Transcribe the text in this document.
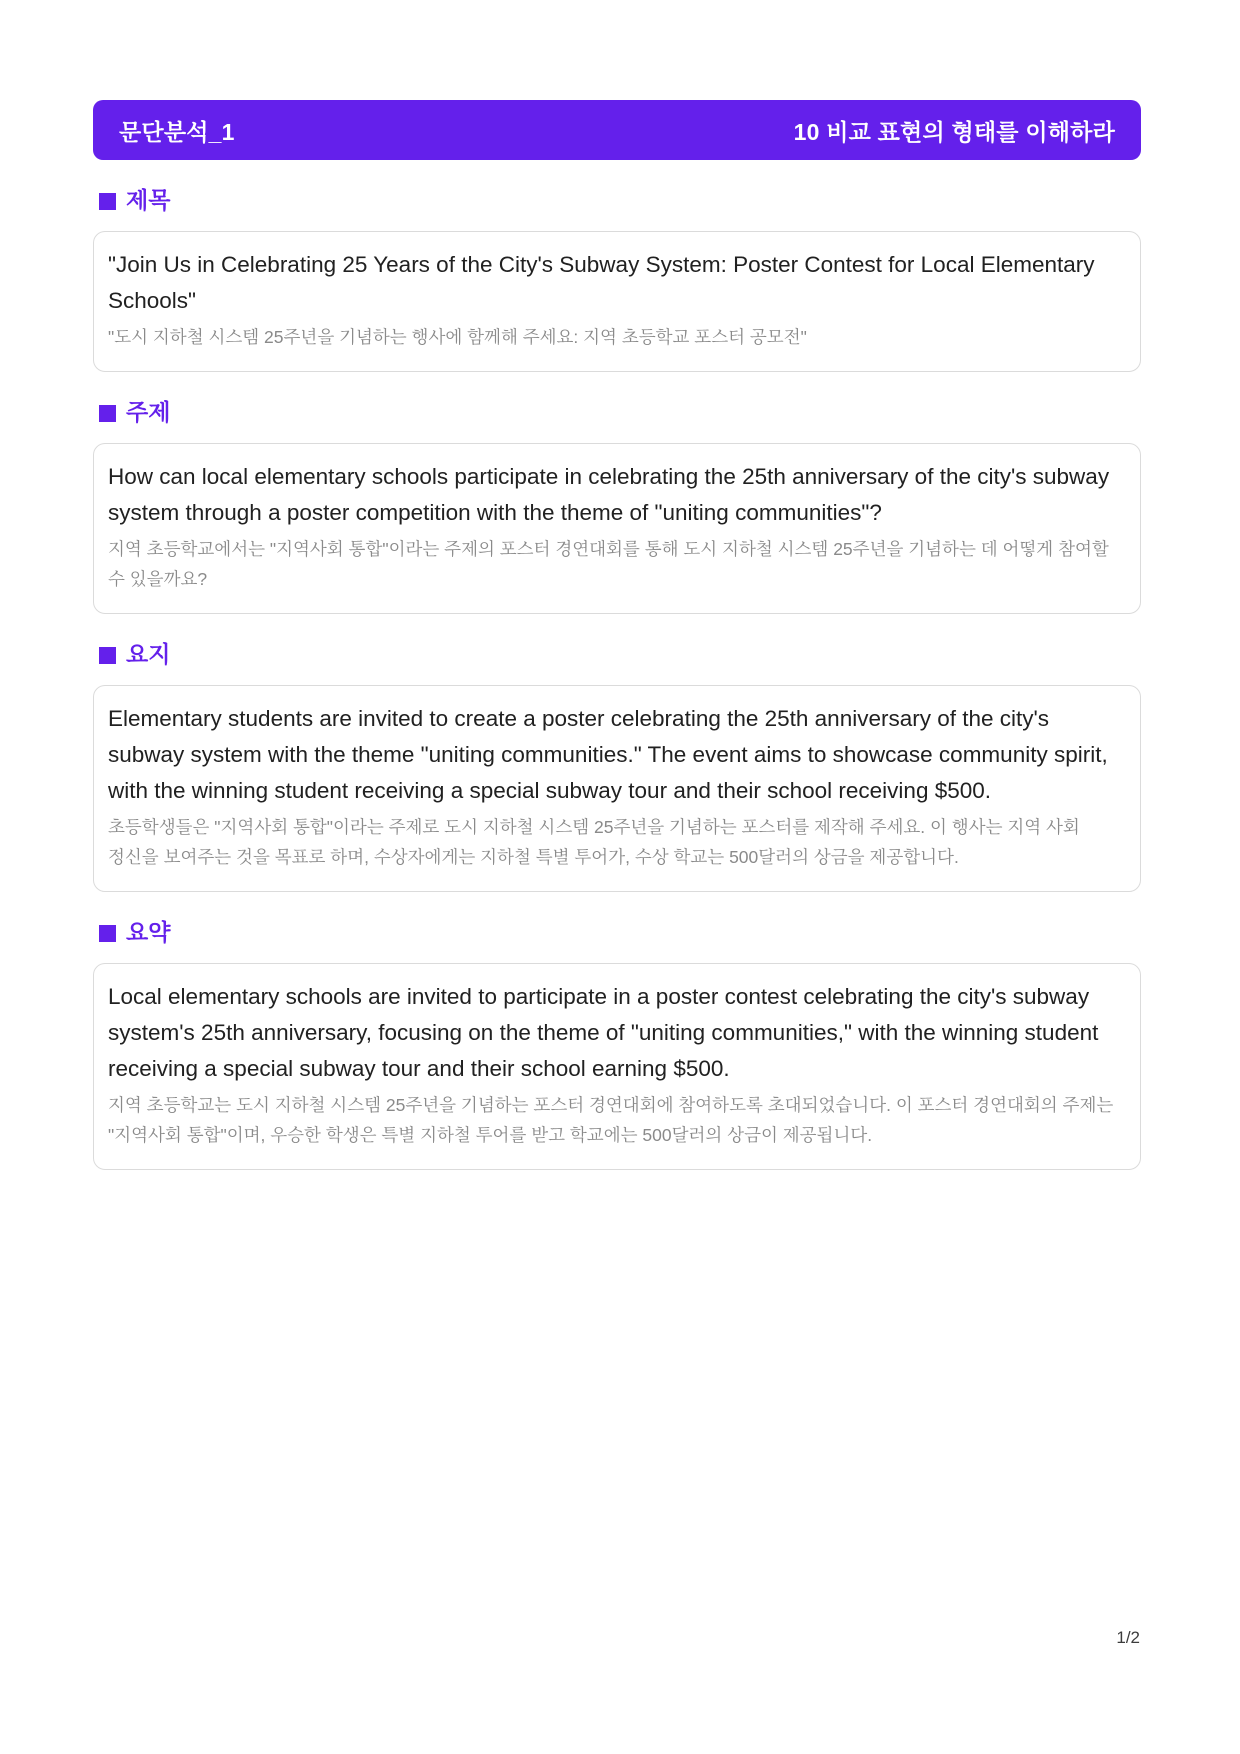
문단분석_1	10 비교 표현의 형태를 이해하라
제목

"Join Us in Celebrating 25 Years of the City's Subway System: Poster Contest for Local Elementary Schools"

"도시 지하철 시스템 25주년을 기념하는 행사에 함께해 주세요: 지역 초등학교 포스터 공모전"

주제

How can local elementary schools participate in celebrating the 25th anniversary of the city's subway system through a poster competition with the theme of "uniting communities"?

지역 초등학교에서는 "지역사회 통합"이라는 주제의 포스터 경연대회를 통해 도시 지하철 시스템 25주년을 기념하는 데 어떻게 참여할 수 있을까요?

요지

Elementary students are invited to create a poster celebrating the 25th anniversary of the city's subway system with the theme "uniting communities." The event aims to showcase community spirit, with the winning student receiving a special subway tour and their school receiving $500.

초등학생들은 "지역사회 통합"이라는 주제로 도시 지하철 시스템 25주년을 기념하는 포스터를 제작해 주세요. 이 행사는 지역 사회 정신을 보여주는 것을 목표로 하며, 수상자에게는 지하철 특별 투어가, 수상 학교는 500달러의 상금을 제공합니다.

요약

Local elementary schools are invited to participate in a poster contest celebrating the city's subway system's 25th anniversary, focusing on the theme of "uniting communities," with the winning student receiving a special subway tour and their school earning $500.

지역 초등학교는 도시 지하철 시스템 25주년을 기념하는 포스터 경연대회에 참여하도록 초대되었습니다. 이 포스터 경연대회의 주제는 "지역사회 통합"이며, 우승한 학생은 특별 지하철 투어를 받고 학교에는 500달러의 상금이 제공됩니다.

1/2
